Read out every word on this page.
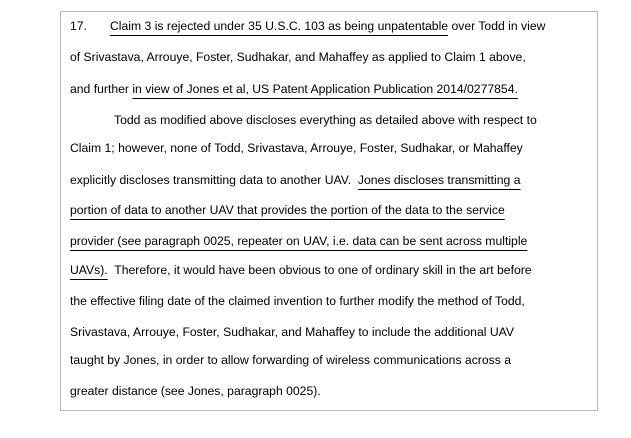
17. Claim 3 is rejected under 35 U.S.C. 103 as being unpatentable over Todd in view
of Srivastava, Arrouye, Foster, Sudhakar, and Mahaffey as applied to Claim 1 above,
and further in view of Jones et al, US Patent Application Publication 2014/0277854.
Todd as modified above discloses everything as detailed above with respect to
Claim 1; however, none of Todd, Srivastava, Arrouye, Foster, Sudhakar, or Mahaffey
explicitly discloses transmitting data to another UAV.  Jones discloses transmitting a
portion of data to another UAV that provides the portion of the data to the service
provider (see paragraph 0025, repeater on UAV, i.e. data can be sent across multiple
UAVs).  Therefore, it would have been obvious to one of ordinary skill in the art before
the effective filing date of the claimed invention to further modify the method of Todd,
Srivastava, Arrouye, Foster, Sudhakar, and Mahaffey to include the additional UAV
taught by Jones, in order to allow forwarding of wireless communications across a
greater distance (see Jones, paragraph 0025).
